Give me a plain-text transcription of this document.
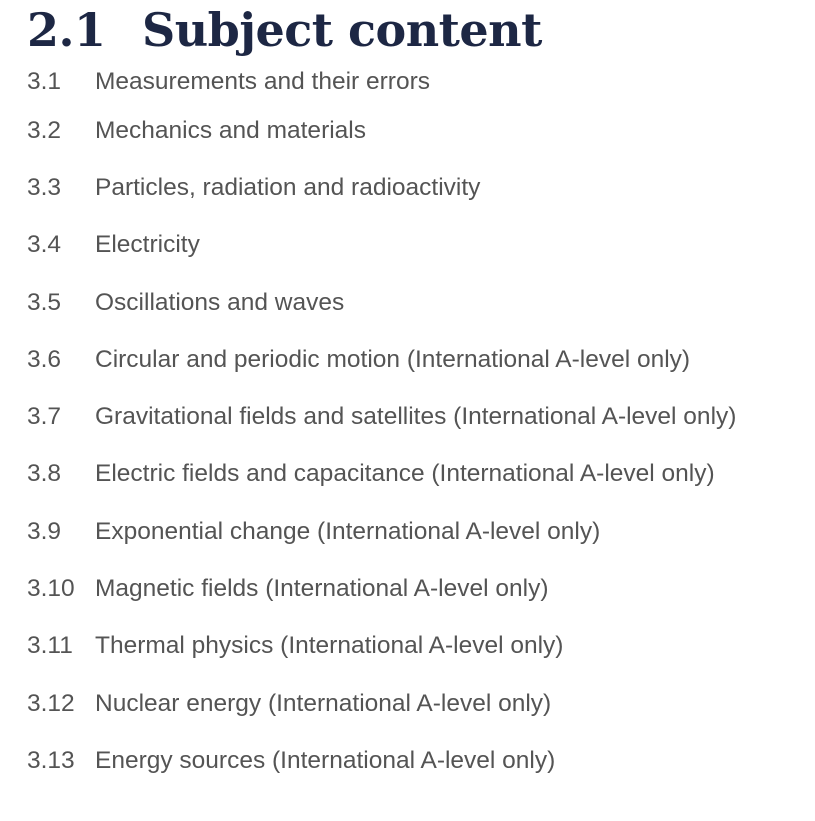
2.1 Subject content
3.1	Measurements and their errors
3.2	Mechanics and materials
3.3	Particles, radiation and radioactivity
3.4	Electricity
3.5	Oscillations and waves
3.6	Circular and periodic motion (International A-level only)
3.7	Gravitational fields and satellites (International A-level only)
3.8	Electric fields and capacitance (International A-level only)
3.9	Exponential change (International A-level only)
3.10 Magnetic fields (International A-level only)
3.11 Thermal physics (International A-level only)
3.12 Nuclear energy (International A-level only)
3.13 Energy sources (International A-level only)
